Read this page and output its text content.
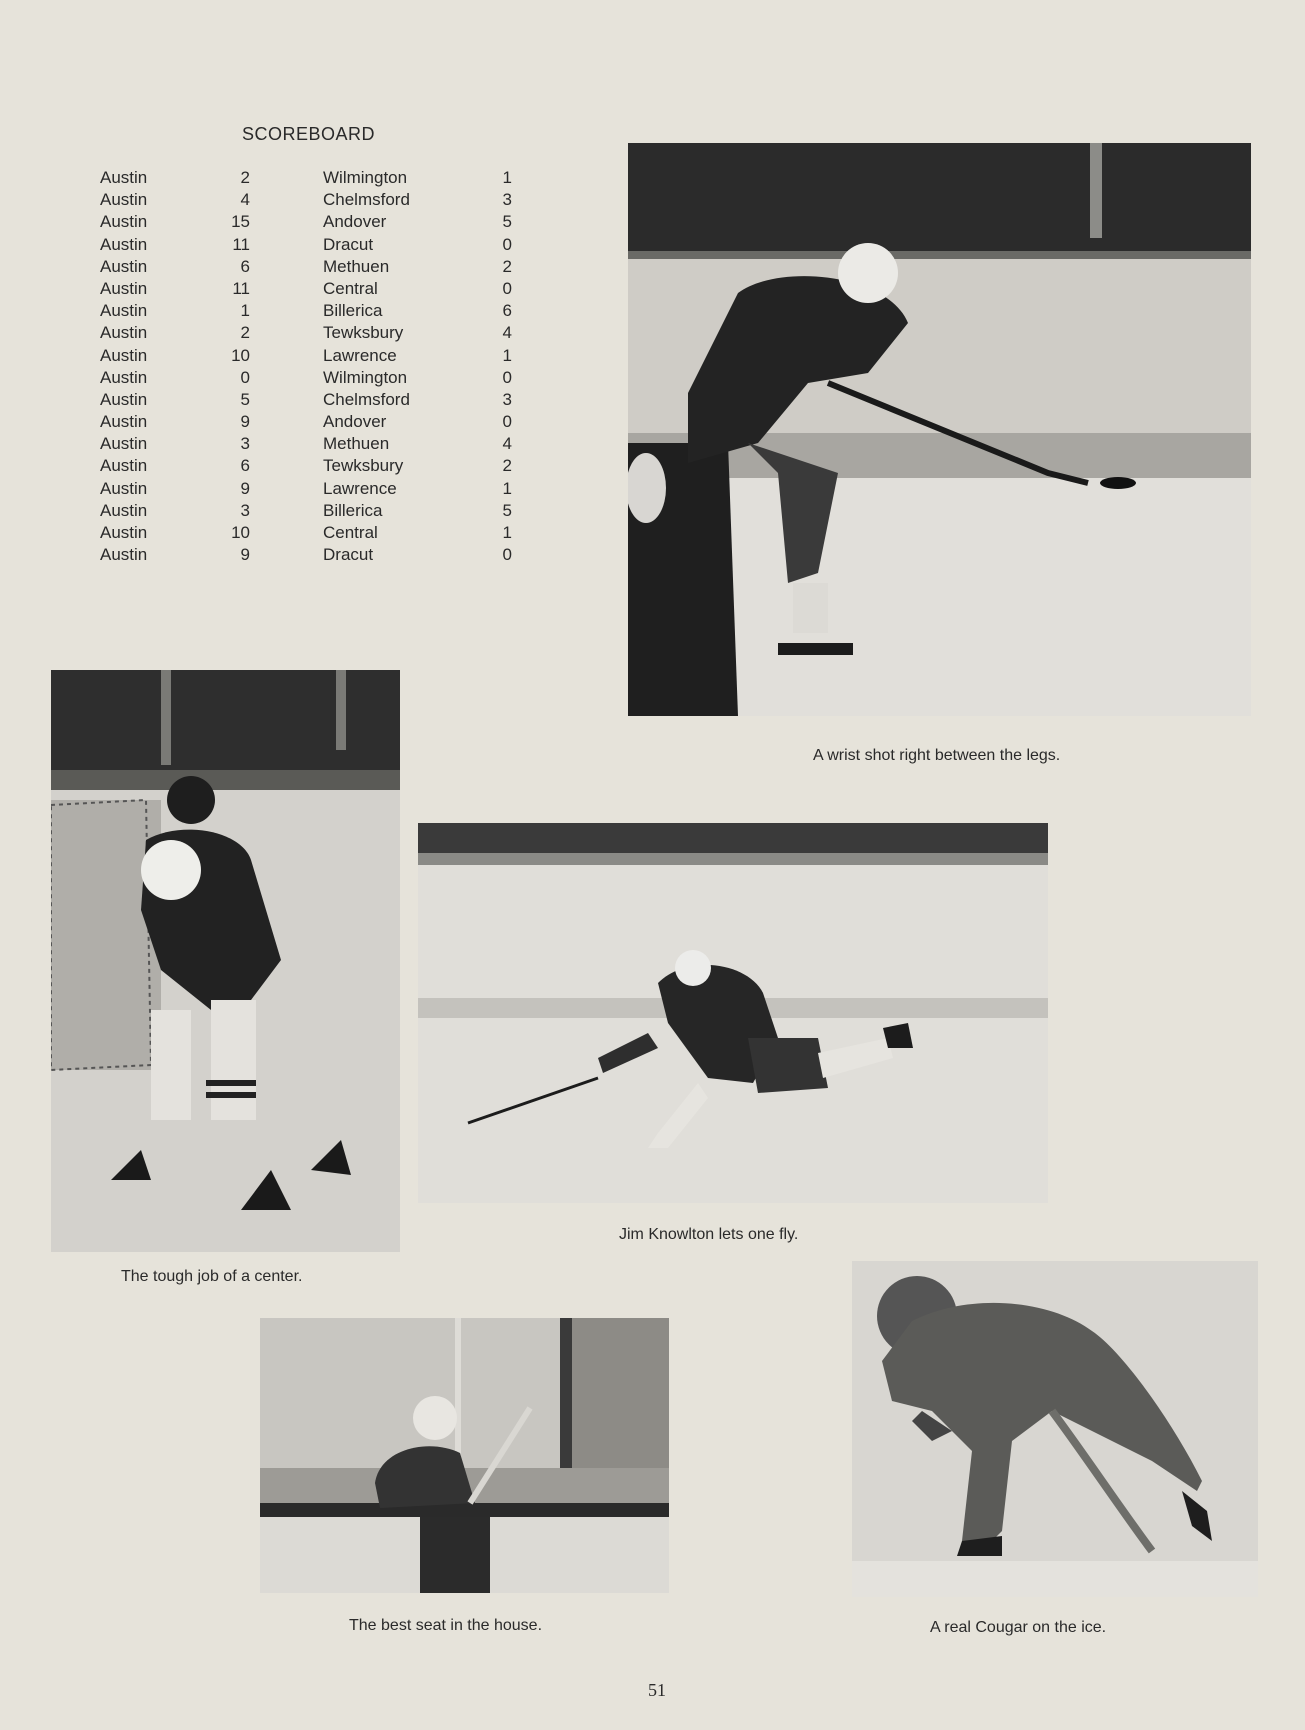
SCOREBOARD
Austin	2	Wilmington	1
Austin	4	Chelmsford	3
Austin	15	Andover	5
Austin	11	Dracut	0
Austin	6	Methuen	2
Austin	11	Central	0
Austin	1	Billerica	6
Austin	2	Tewksbury	4
Austin	10	Lawrence	1
Austin	0	Wilmington	0
Austin	5	Chelmsford	3
Austin	9	Andover	0
Austin	3	Methuen	4
Austin	6	Tewksbury	2
Austin	9	Lawrence	1
Austin	3	Billerica	5
Austin	10	Central	1
Austin	9	Dracut	0
A wrist shot right between the legs.
The tough job of a center.
Jim Knowlton lets one fly.
The best seat in the house.	A real Cougar on the ice.
51
